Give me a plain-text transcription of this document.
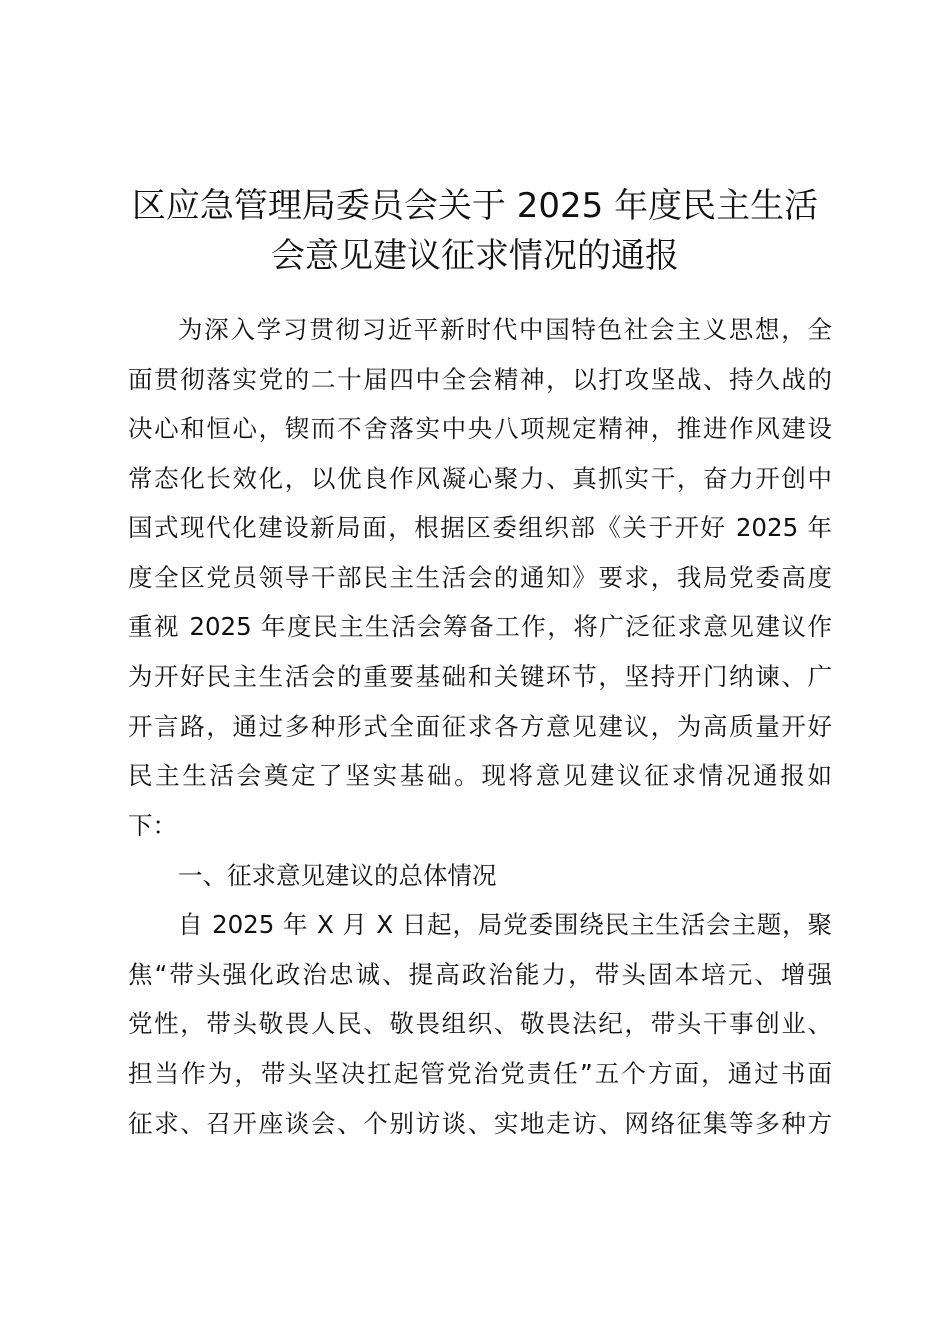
区应急管理局委员会关于 2025 年度民主生活
会意见建议征求情况的通报
为深入学习贯彻习近平新时代中国特色社会主义思想，全
面贯彻落实党的二十届四中全会精神，以打攻坚战、持久战的
决心和恒心，锲而不舍落实中央八项规定精神，推进作风建设
常态化长效化，以优良作风凝心聚力、真抓实干，奋力开创中
国式现代化建设新局面，根据区委组织部《关于开好 2025 年
度全区党员领导干部民主生活会的通知》要求，我局党委高度
重视 2025 年度民主生活会筹备工作，将广泛征求意见建议作
为开好民主生活会的重要基础和关键环节，坚持开门纳谏、广
开言路，通过多种形式全面征求各方意见建议，为高质量开好
民主生活会奠定了坚实基础。现将意见建议征求情况通报如
下：
一、征求意见建议的总体情况
自 2025 年 X 月 X 日起，局党委围绕民主生活会主题，聚
焦“带头强化政治忠诚、提高政治能力，带头固本培元、增强
党性，带头敬畏人民、敬畏组织、敬畏法纪，带头干事创业、
担当作为，带头坚决扛起管党治党责任”五个方面，通过书面
征求、召开座谈会、个别访谈、实地走访、网络征集等多种方
